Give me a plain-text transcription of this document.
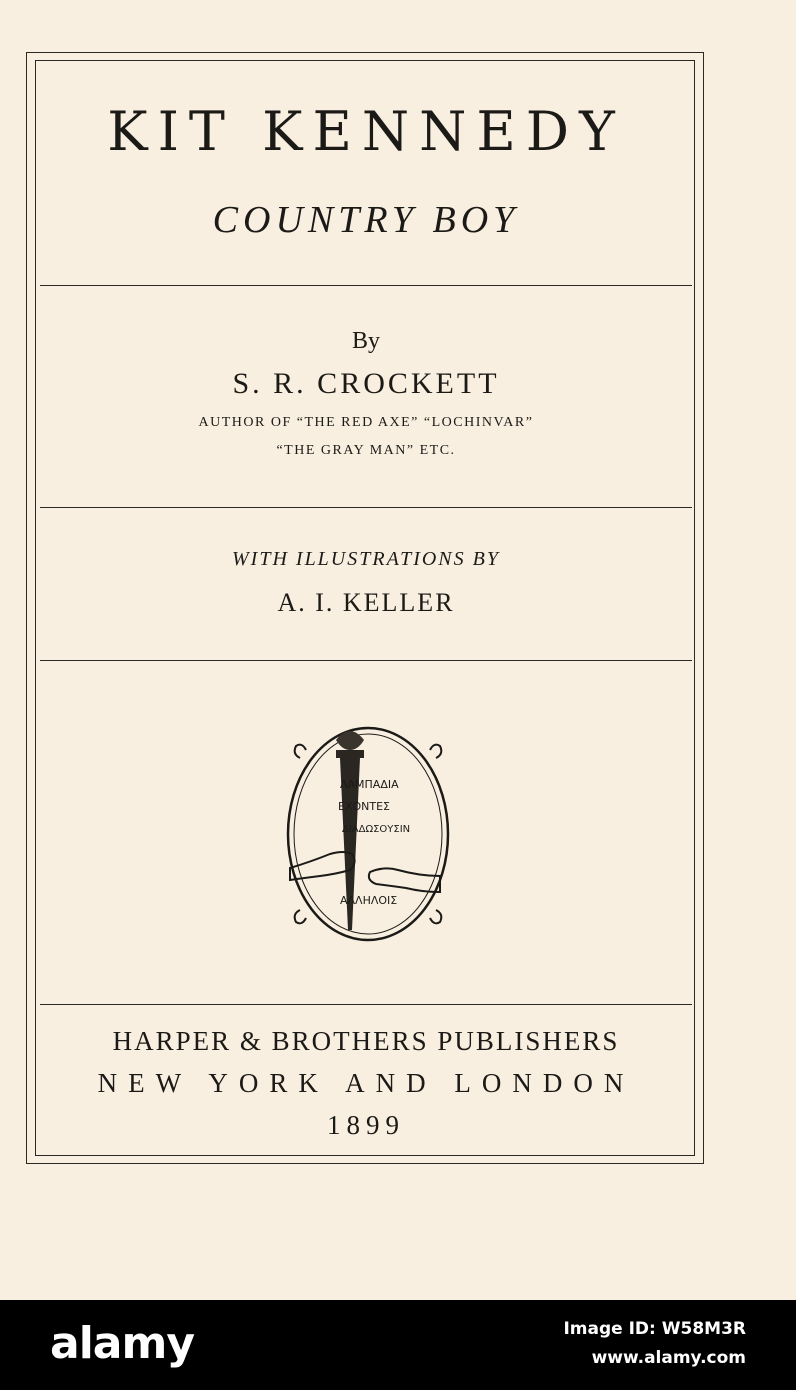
KIT KENNEDY
COUNTRY BOY
By
S. R. CROCKETT
AUTHOR OF “THE RED AXE” “LOCHINVAR”
“THE GRAY MAN” ETC.
WITH ILLUSTRATIONS BY
A. I. KELLER
ΛΑΜΠΑΔΙΑ
ΕΧΟΝΤΕΣ
ΔΙΑΔΩΣΟΥΣΙΝ
ΑΛΛΗΛΟΙΣ
HARPER & BROTHERS PUBLISHERS
NEW YORK AND LONDON
1899
alamy	Image ID: W58M3R
www.alamy.com
